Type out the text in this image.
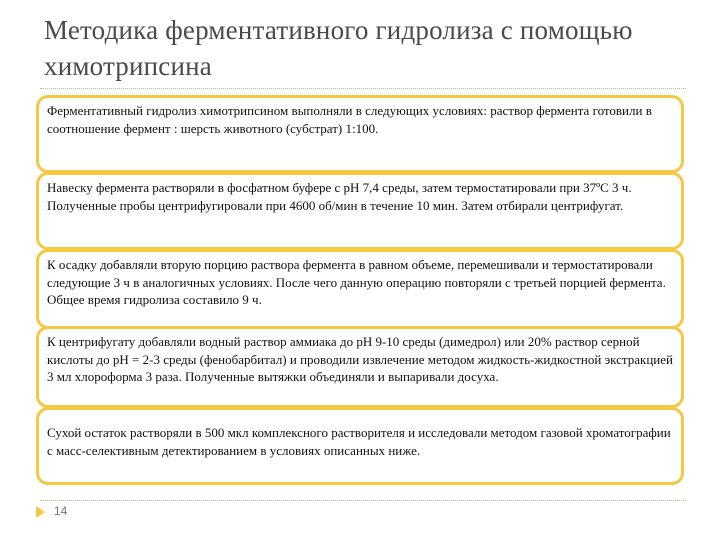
Методика ферментативного гидролиза с помощью химотрипсина
Ферментативный гидролиз химотрипсином выполняли в следующих условиях: раствор фермента готовили в соотношение фермент : шерсть животного (субстрат) 1:100.
Навеску фермента растворяли в фосфатном буфере с pH 7,4 среды, затем термостатировали при 37ºС 3 ч. Полученные пробы центрифугировали при 4600 об/мин в течение 10 мин. Затем отбирали центрифугат.
К осадку добавляли вторую порцию раствора фермента в равном объеме, перемешивали и термостатировали следующие 3 ч в аналогичных условиях. После чего данную операцию повторяли с третьей порцией фермента. Общее время гидролиза составило 9 ч.
К центрифугату добавляли водный раствор аммиака до pH 9-10 среды (димедрол) или 20% раствор серной кислоты до pH = 2-3 среды (фенобарбитал) и проводили извлечение методом жидкость-жидкостной экстракцией 3 мл хлороформа 3 раза. Полученные вытяжки объединяли и выпаривали досуха.
Сухой остаток растворяли в 500 мкл комплексного растворителя и исследовали методом газовой хроматографии с масс-селективным детектированием в условиях описанных ниже.
14
